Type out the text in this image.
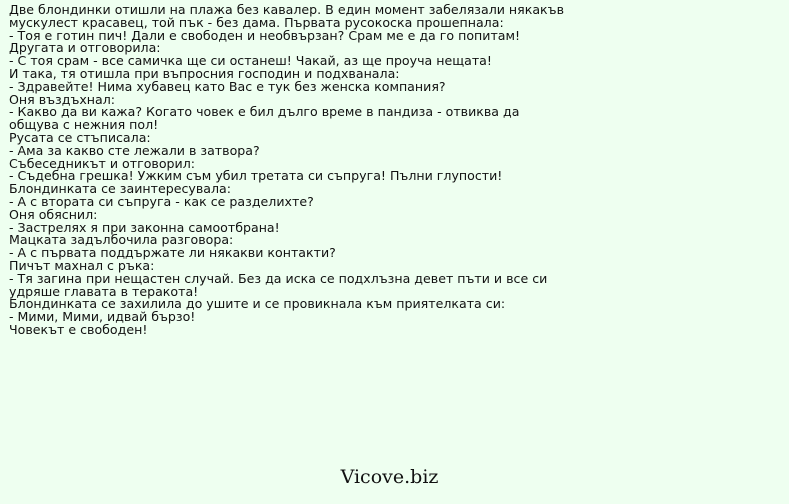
Две блондинки отишли на плажа без кавалер. В един момент забелязали някакъв мускулест красавец, той пък - без дама. Първата русокоска прошепнала:
- Тоя е готин пич! Дали е свободен и необвързан? Срам ме е да го попитам!
Другата и отговорила:
- С тоя срам - все самичка ще си останеш! Чакай, аз ще проуча нещата!
И така, тя отишла при въпросния господин и подхванала:
- Здравейте! Нима хубавец като Вас е тук без женска компания?
Оня въздъхнал:
- Какво да ви кажа? Когато човек е бил дълго време в пандиза - отвиква да общува с нежния пол!
Русата се стъписала:
- Ама за какво сте лежали в затвора?
Събеседникът и отговорил:
- Съдебна грешка! Ужким съм убил третата си съпруга! Пълни глупости!
Блондинката се заинтересувала:
- А с втората си съпруга - как се разделихте?
Оня обяснил:
- Застрелях я при законна самоотбрана!
Мацката задълбочила разговора:
- А с първата поддържате ли някакви контакти?
Пичът махнал с ръка:
- Тя загина при нещастен случай. Без да иска се подхлъзна девет пъти и все си удряше главата в теракота!
Блондинката се захилила до ушите и се провикнала към приятелката си:
- Мими, Мими, идвай бързо!
Човекът е свободен!
Vicove.biz
